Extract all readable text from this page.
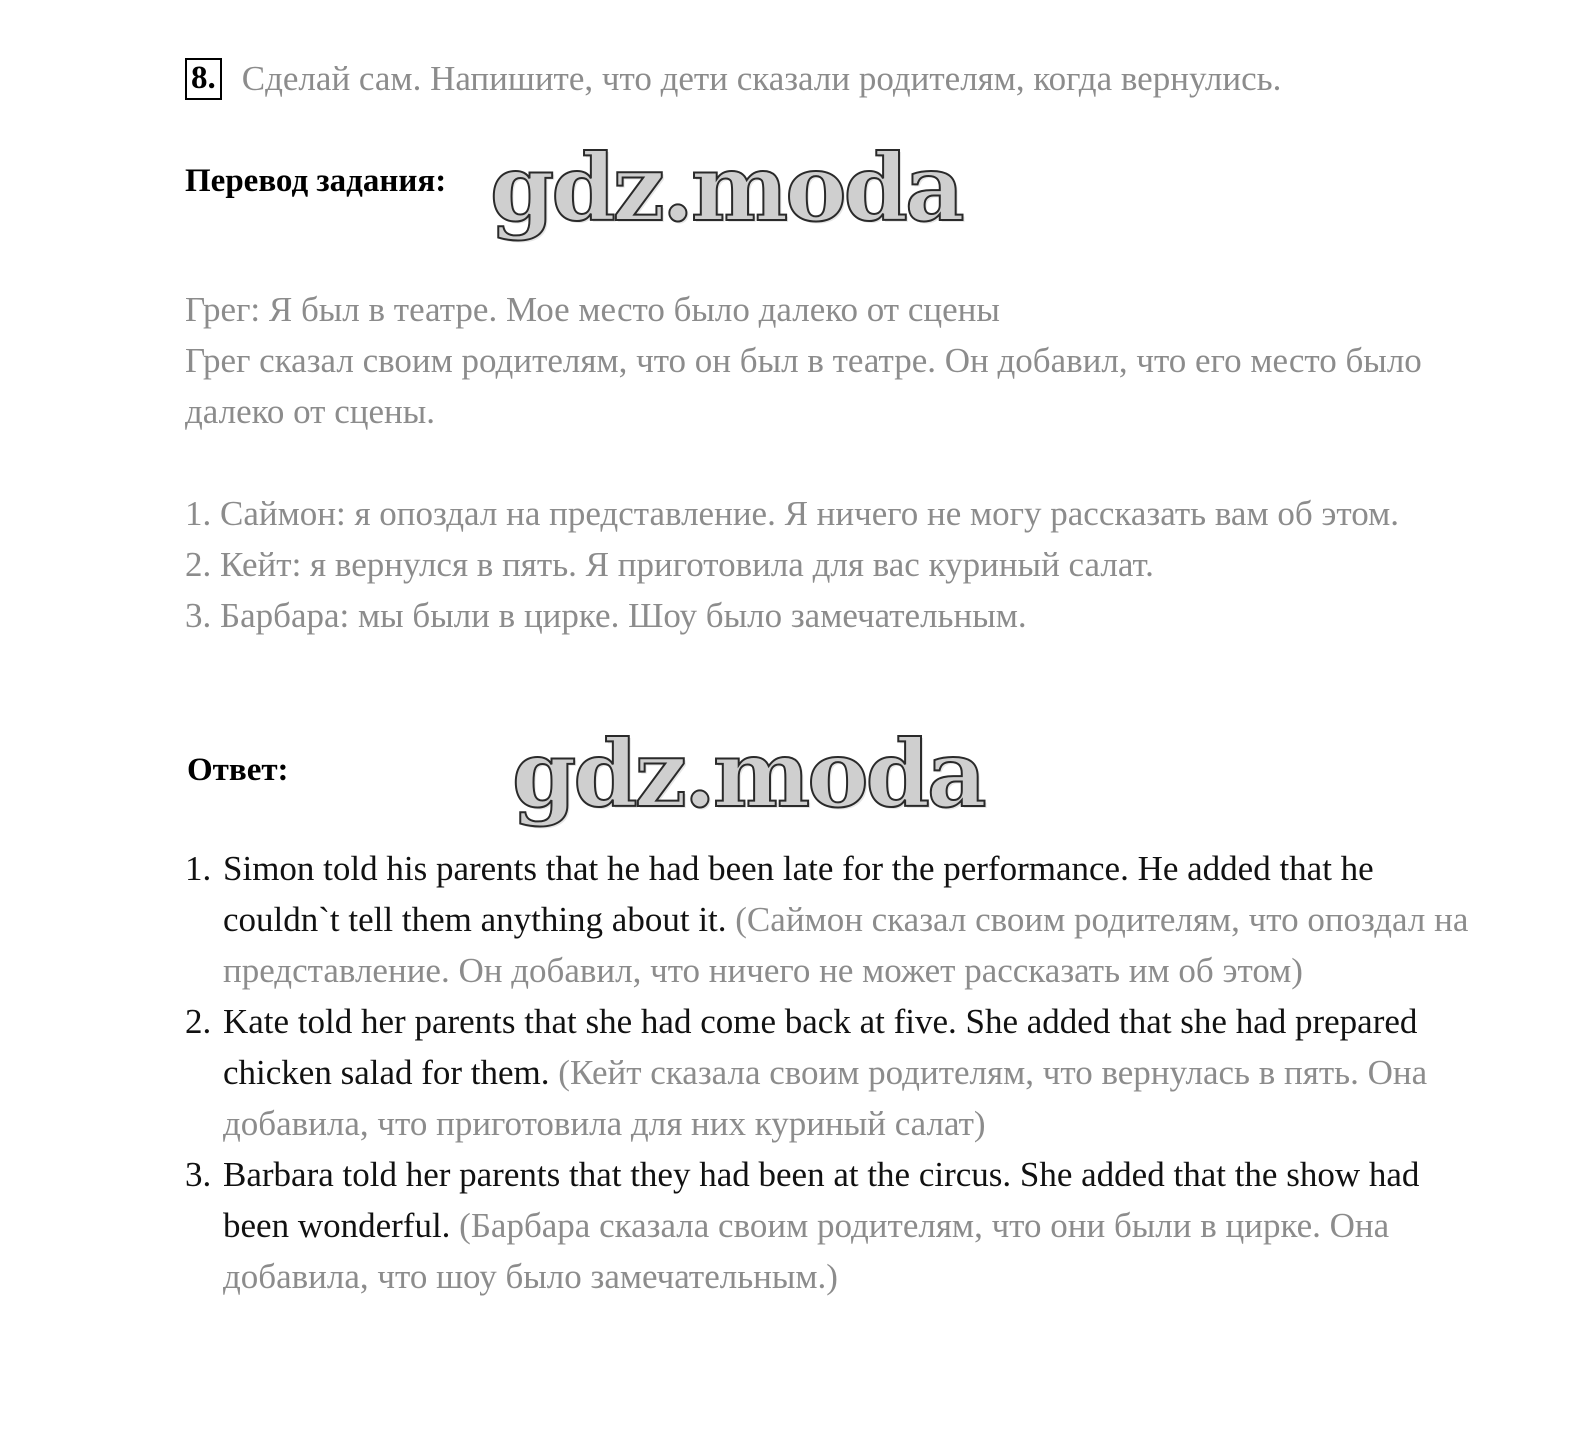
8. Сделай сам. Напишите, что дети сказали родителям, когда вернулись.
Перевод задания: gdz.moda

Грег: Я был в театре. Мое место было далеко от сцены

Грег сказал своим родителям, что он был в театре. Он добавил, что его место было далеко от сцены.

1. Саймон: я опоздал на представление. Я ничего не могу рассказать вам об этом.

2. Кейт: я вернулся в пять. Я приготовила для вас куриный салат.

3. Барбара: мы были в цирке. Шоу было замечательным.

Ответ: gdz.moda
1. Simon told his parents that he had been late for the performance. He added that he couldn`t tell them anything about it. (Саймон сказал своим родителям, что опоздал на представление. Он добавил, что ничего не может рассказать им об этом)
2. Kate told her parents that she had come back at five. She added that she had prepared chicken salad for them. (Кейт сказала своим родителям, что вернулась в пять. Она добавила, что приготовила для них куриный салат)
3. Barbara told her parents that they had been at the circus. She added that the show had been wonderful. (Барбара сказала своим родителям, что они были в цирке. Она добавила, что шоу было замечательным.)
